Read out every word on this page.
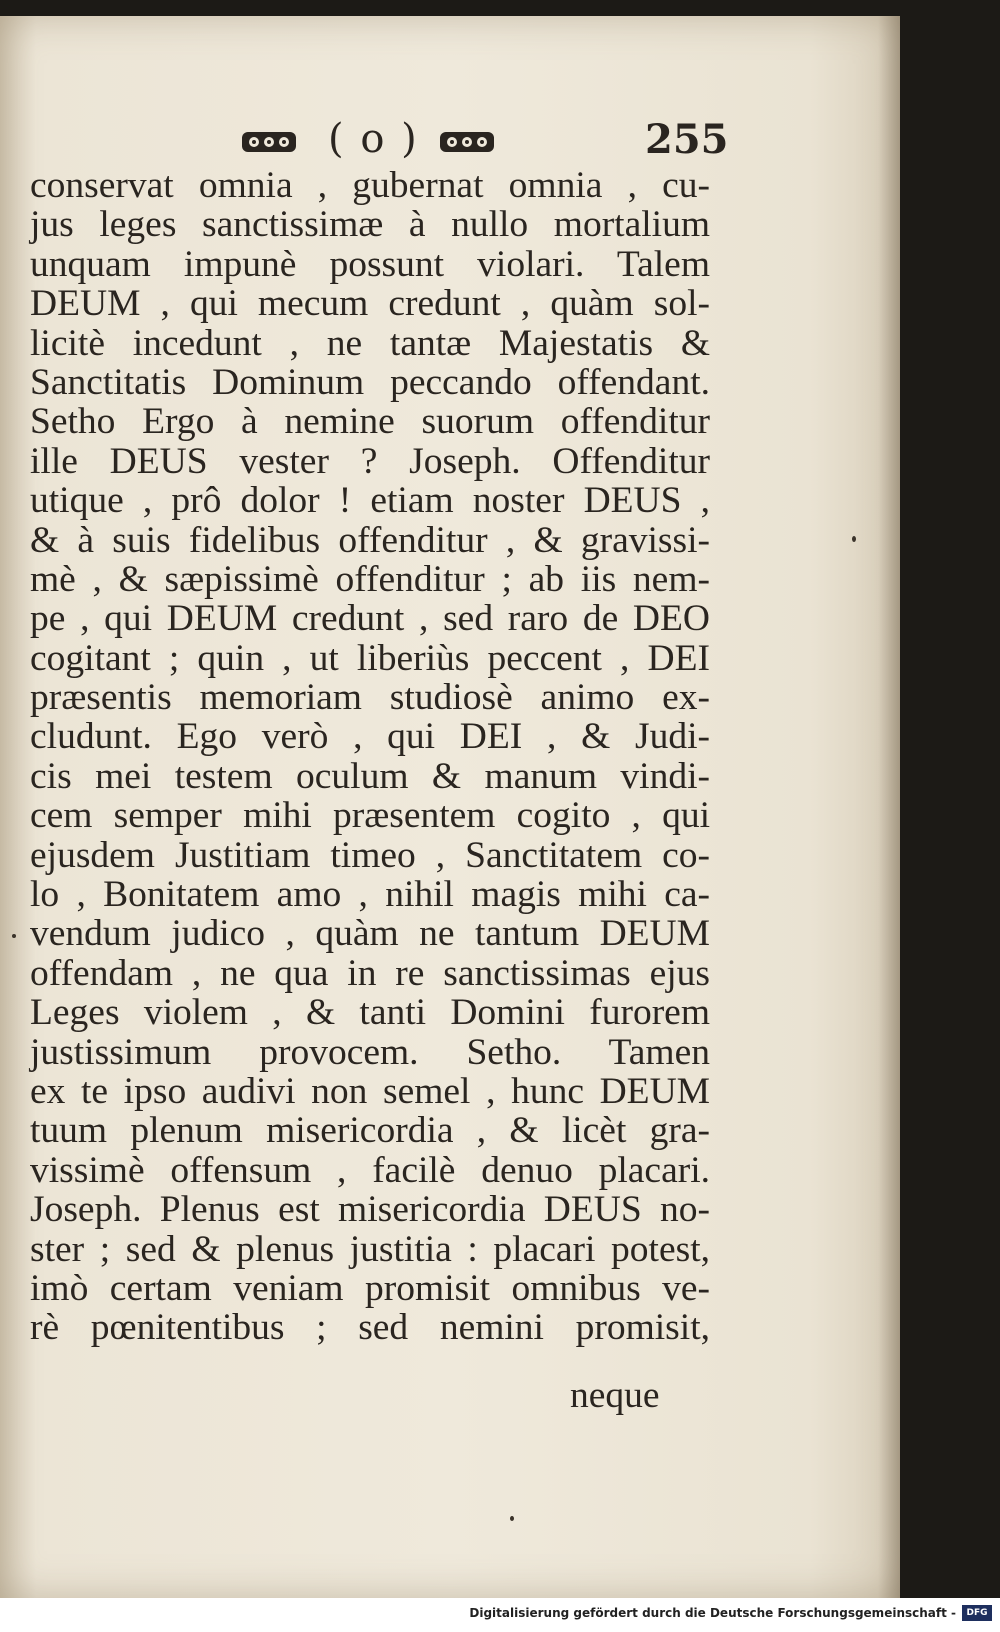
( o )	255
conservat omnia , gubernat omnia , cu-
jus leges sanctissimæ à nullo mortalium
unquam impunè possunt violari. Talem
DEUM , qui mecum credunt , quàm sol-
licitè incedunt , ne tantæ Majestatis &
Sanctitatis Dominum peccando offendant.
Setho Ergo à nemine suorum offenditur
ille DEUS vester ? Joseph. Offenditur
utique , prô dolor ! etiam noster DEUS ,
& à suis fidelibus offenditur , & gravissi-
mè , & sæpissimè offenditur ; ab iis nem-
pe , qui DEUM credunt , sed raro de DEO
cogitant ; quin , ut liberiùs peccent , DEI
præsentis memoriam studiosè animo ex-
cludunt. Ego verò , qui DEI , & Judi-
cis mei testem oculum & manum vindi-
cem semper mihi præsentem cogito , qui
ejusdem Justitiam timeo , Sanctitatem co-
lo , Bonitatem amo , nihil magis mihi ca-
vendum judico , quàm ne tantum DEUM
offendam , ne qua in re sanctissimas ejus
Leges violem , & tanti Domini furorem
justissimum provocem. Setho. Tamen
ex te ipso audivi non semel , hunc DEUM
tuum plenum misericordia , & licèt gra-
vissimè offensum , facilè denuo placari.
Joseph. Plenus est misericordia DEUS no-
ster ; sed & plenus justitia : placari potest,
imò certam veniam promisit omnibus ve-
rè pœnitentibus ; sed nemini promisit,
neque
Digitalisierung gefördert durch die Deutsche Forschungsgemeinschaft -	DFG
